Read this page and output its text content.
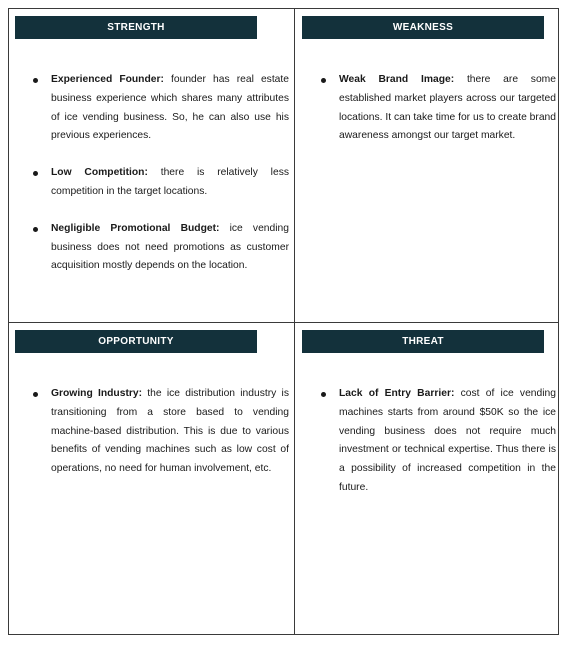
STRENGTH
Experienced Founder: founder has real estate business experience which shares many attributes of ice vending business. So, he can also use his previous experiences.
Low Competition: there is relatively less competition in the target locations.
Negligible Promotional Budget: ice vending business does not need promotions as customer acquisition mostly depends on the location.
WEAKNESS
Weak Brand Image: there are some established market players across our targeted locations. It can take time for us to create brand awareness amongst our target market.
OPPORTUNITY
Growing Industry: the ice distribution industry is transitioning from a store based to vending machine-based distribution. This is due to various benefits of vending machines such as low cost of operations, no need for human involvement, etc.
THREAT
Lack of Entry Barrier: cost of ice vending machines starts from around $50K so the ice vending business does not require much investment or technical expertise. Thus there is a possibility of increased competition in the future.
